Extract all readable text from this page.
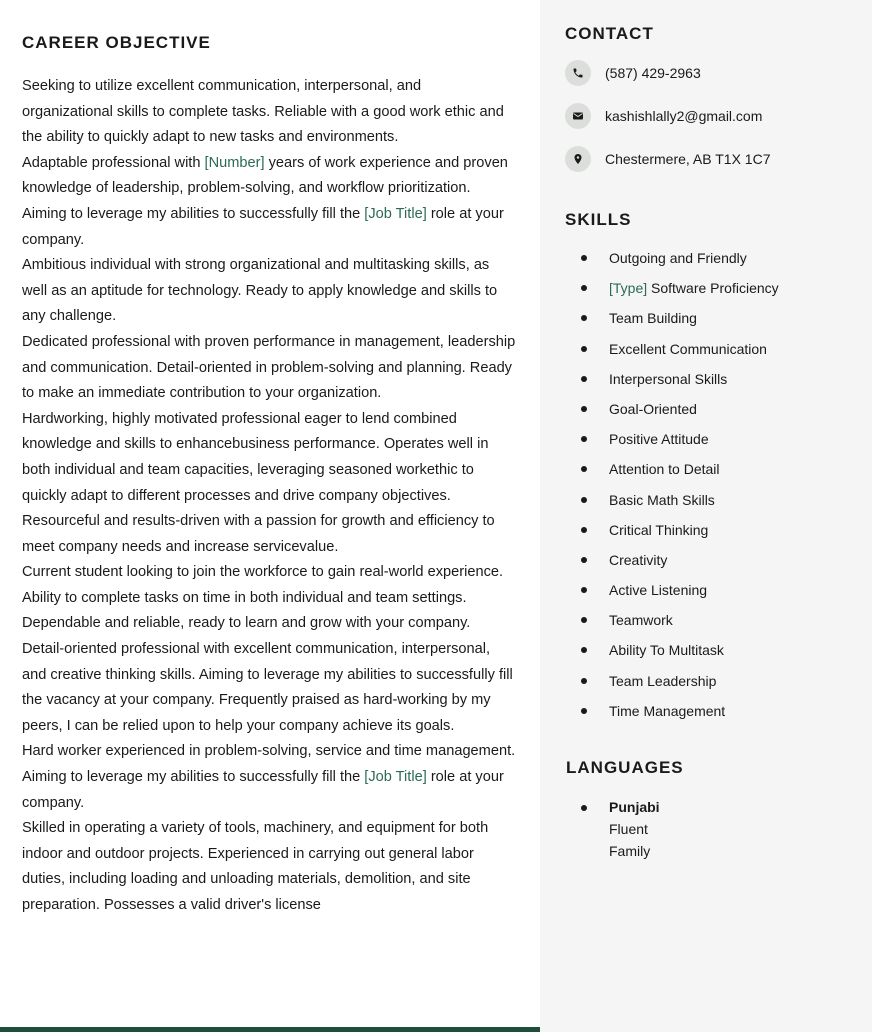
CAREER OBJECTIVE

Seeking to utilize excellent communication, interpersonal, and organizational skills to complete tasks. Reliable with a good work ethic and the ability to quickly adapt to new tasks and environments.

Adaptable professional with [Number] years of work experience and proven knowledge of leadership, problem-solving, and workflow prioritization. Aiming to leverage my abilities to successfully fill the [Job Title] role at your company.

Ambitious individual with strong organizational and multitasking skills, as well as an aptitude for technology. Ready to apply knowledge and skills to any challenge.

Dedicated professional with proven performance in management, leadership and communication. Detail-oriented in problem-solving and planning. Ready to make an immediate contribution to your organization.

Hardworking, highly motivated professional eager to lend combined knowledge and skills to enhancebusiness performance. Operates well in both individual and team capacities, leveraging seasoned workethic to quickly adapt to different processes and drive company objectives. Resourceful and results-driven with a passion for growth and efficiency to meet company needs and increase servicevalue.

Current student looking to join the workforce to gain real-world experience. Ability to complete tasks on time in both individual and team settings. Dependable and reliable, ready to learn and grow with your company.

Detail-oriented professional with excellent communication, interpersonal, and creative thinking skills. Aiming to leverage my abilities to successfully fill the vacancy at your company. Frequently praised as hard-working by my peers, I can be relied upon to help your company achieve its goals.

Hard worker experienced in problem-solving, service and time management. Aiming to leverage my abilities to successfully fill the [Job Title] role at your company.

Skilled in operating a variety of tools, machinery, and equipment for both indoor and outdoor projects. Experienced in carrying out general labor duties, including loading and unloading materials, demolition, and site preparation. Possesses a valid driver's license

CONTACT
(587) 429-2963
kashishlally2@gmail.com
Chestermere, AB T1X 1C7
SKILLS
Outgoing and Friendly
[Type] Software Proficiency
Team Building
Excellent Communication
Interpersonal Skills
Goal-Oriented
Positive Attitude
Attention to Detail
Basic Math Skills
Critical Thinking
Creativity
Active Listening
Teamwork
Ability To Multitask
Team Leadership
Time Management
LANGUAGES
Punjabi
Fluent
Family
